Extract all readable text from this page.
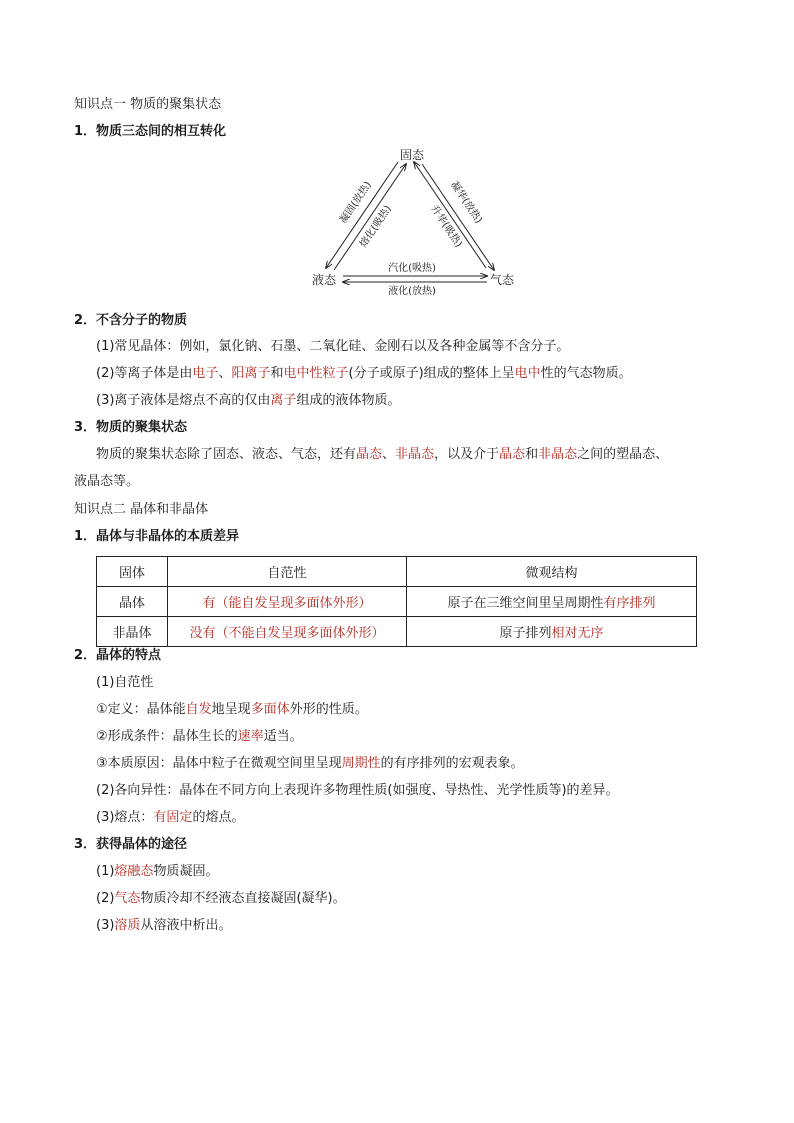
知识点一 物质的聚集状态
1．物质三态间的相互转化
固态
液态	气态
凝固(放热)
熔化(吸热)
凝华(放热)
升华(吸热)
汽化(吸热)
液化(放热)
2．不含分子的物质
(1)常见晶体：例如，氯化钠、石墨、二氧化硅、金刚石以及各种金属等不含分子。
(2)等离子体是由电子、阳离子和电中性粒子(分子或原子)组成的整体上呈电中性的气态物质。
(3)离子液体是熔点不高的仅由离子组成的液体物质。
3．物质的聚集状态
物质的聚集状态除了固态、液态、气态，还有晶态、非晶态，以及介于晶态和非晶态之间的塑晶态、
液晶态等。
知识点二 晶体和非晶体
1．晶体与非晶体的本质差异
固体	自范性	微观结构
晶体	有（能自发呈现多面体外形）	原子在三维空间里呈周期性有序排列
非晶体	没有（不能自发呈现多面体外形）	原子排列相对无序
2．晶体的特点
(1)自范性
①定义：晶体能自发地呈现多面体外形的性质。
②形成条件：晶体生长的速率适当。
③本质原因：晶体中粒子在微观空间里呈现周期性的有序排列的宏观表象。
(2)各向异性：晶体在不同方向上表现许多物理性质(如强度、导热性、光学性质等)的差异。
(3)熔点：有固定的熔点。
3．获得晶体的途径
(1)熔融态物质凝固。
(2)气态物质冷却不经液态直接凝固(凝华)。
(3)溶质从溶液中析出。
